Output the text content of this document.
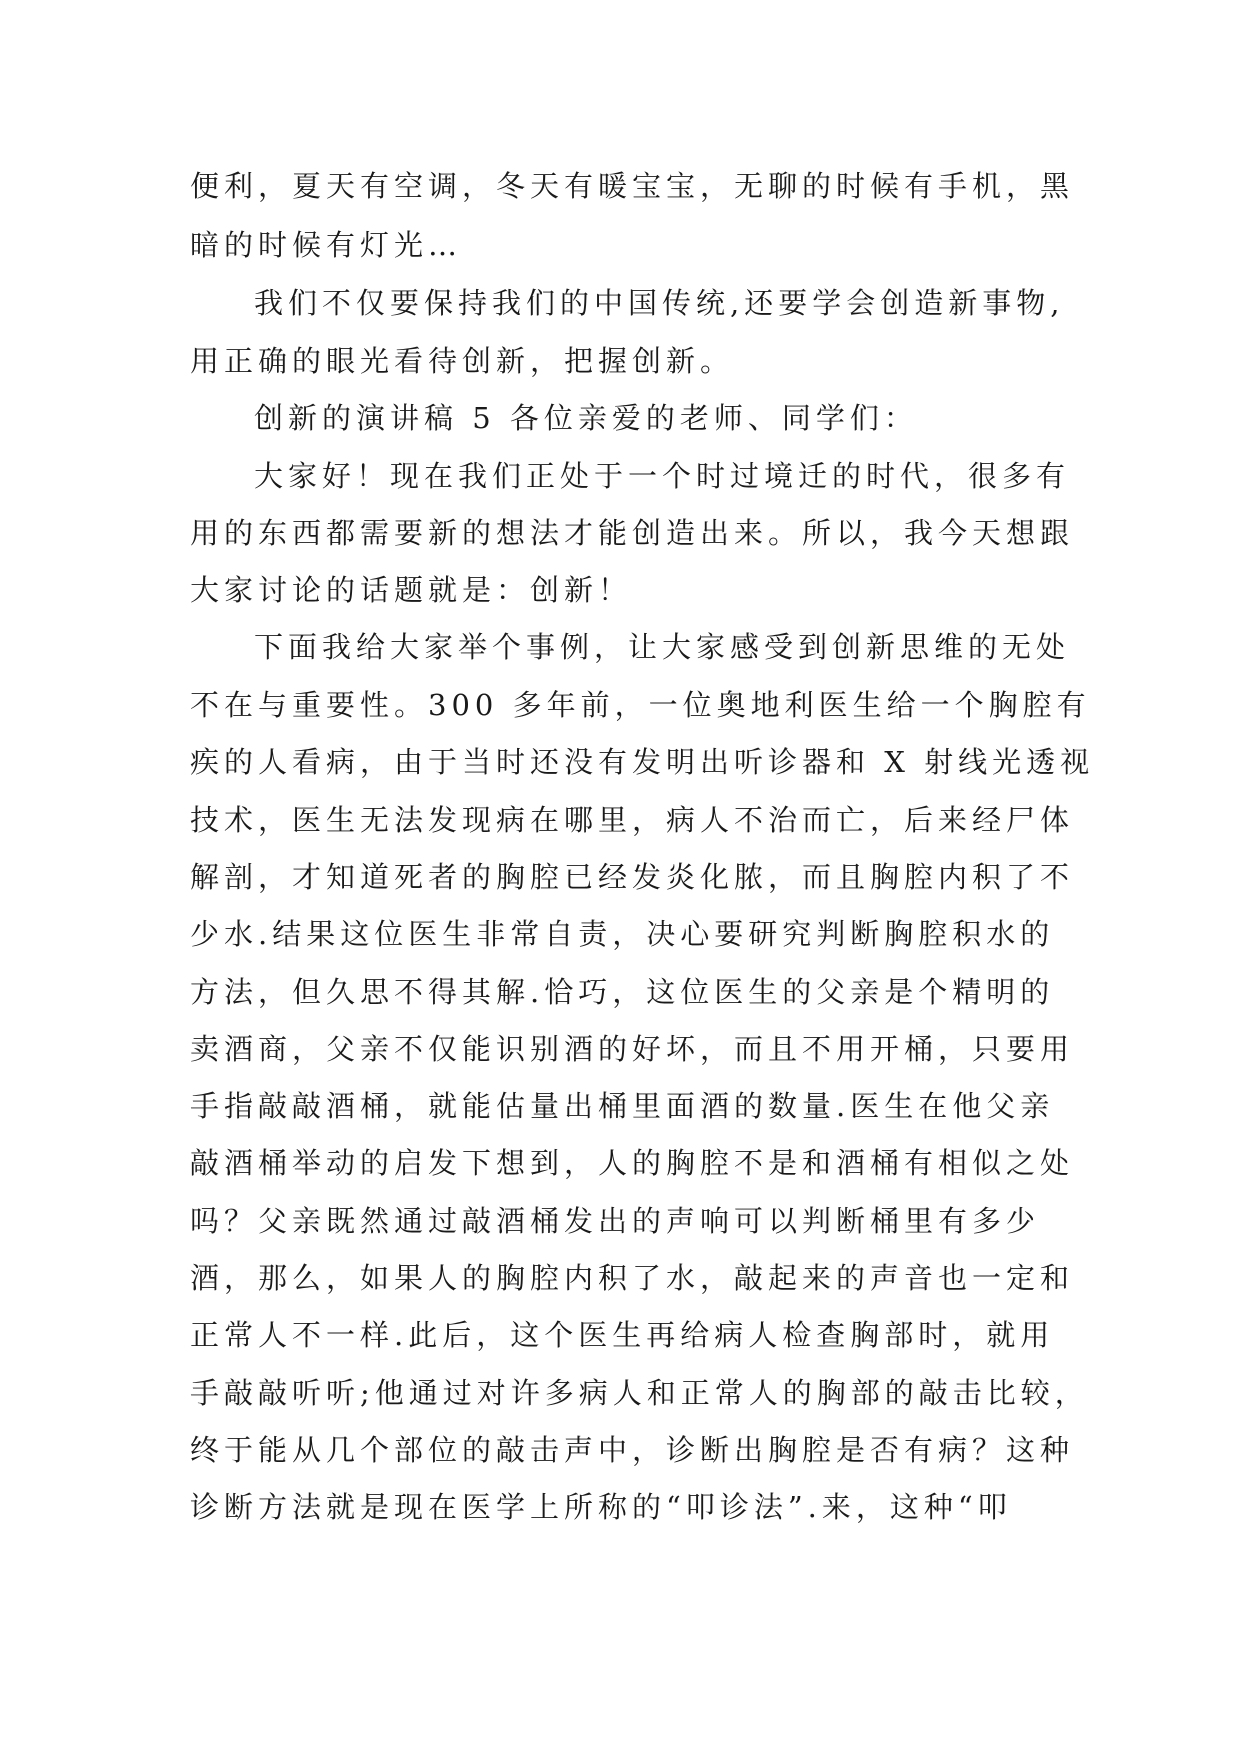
便利，夏天有空调，冬天有暖宝宝，无聊的时候有手机，黑

暗的时候有灯光…

我们不仅要保持我们的中国传统,还要学会创造新事物,

用正确的眼光看待创新，把握创新。

创新的演讲稿 5 各位亲爱的老师、同学们：

大家好！现在我们正处于一个时过境迁的时代，很多有

用的东西都需要新的想法才能创造出来。所以，我今天想跟

大家讨论的话题就是：创新！

下面我给大家举个事例，让大家感受到创新思维的无处

不在与重要性。300 多年前，一位奥地利医生给一个胸腔有

疾的人看病，由于当时还没有发明出听诊器和 X 射线光透视

技术，医生无法发现病在哪里，病人不治而亡，后来经尸体

解剖，才知道死者的胸腔已经发炎化脓，而且胸腔内积了不

少水.结果这位医生非常自责，决心要研究判断胸腔积水的

方法，但久思不得其解.恰巧，这位医生的父亲是个精明的

卖酒商，父亲不仅能识别酒的好坏，而且不用开桶，只要用

手指敲敲酒桶，就能估量出桶里面酒的数量.医生在他父亲

敲酒桶举动的启发下想到，人的胸腔不是和酒桶有相似之处

吗？父亲既然通过敲酒桶发出的声响可以判断桶里有多少

酒，那么，如果人的胸腔内积了水，敲起来的声音也一定和

正常人不一样.此后，这个医生再给病人检查胸部时，就用

手敲敲听听;他通过对许多病人和正常人的胸部的敲击比较，

终于能从几个部位的敲击声中，诊断出胸腔是否有病？这种

诊断方法就是现在医学上所称的“叩诊法”.来，这种“叩
